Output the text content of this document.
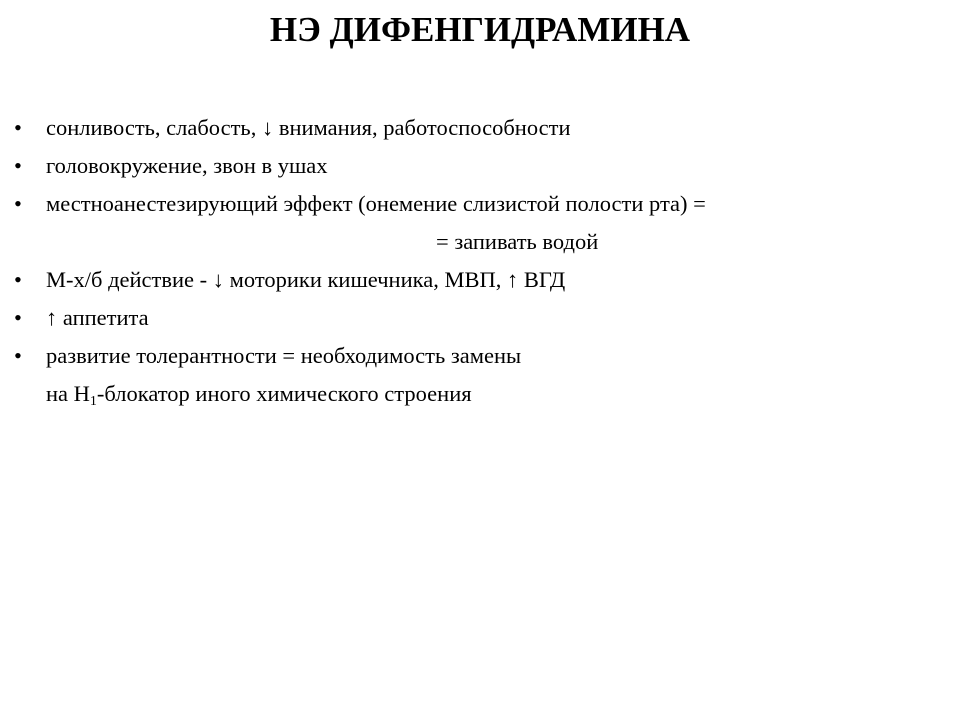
НЭ ДИФЕНГИДРАМИНА
• сонливость, слабость, ↓ внимания, работоспособности
• головокружение, звон в ушах
• местноанестезирующий эффект (онемение слизистой полости рта) =
= запивать водой
• М-х/б действие - ↓ моторики кишечника, МВП, ↑ ВГД
• ↑ аппетита
• развитие толерантности = необходимость замены
на $Н_1$-блокатор иного химического строения
